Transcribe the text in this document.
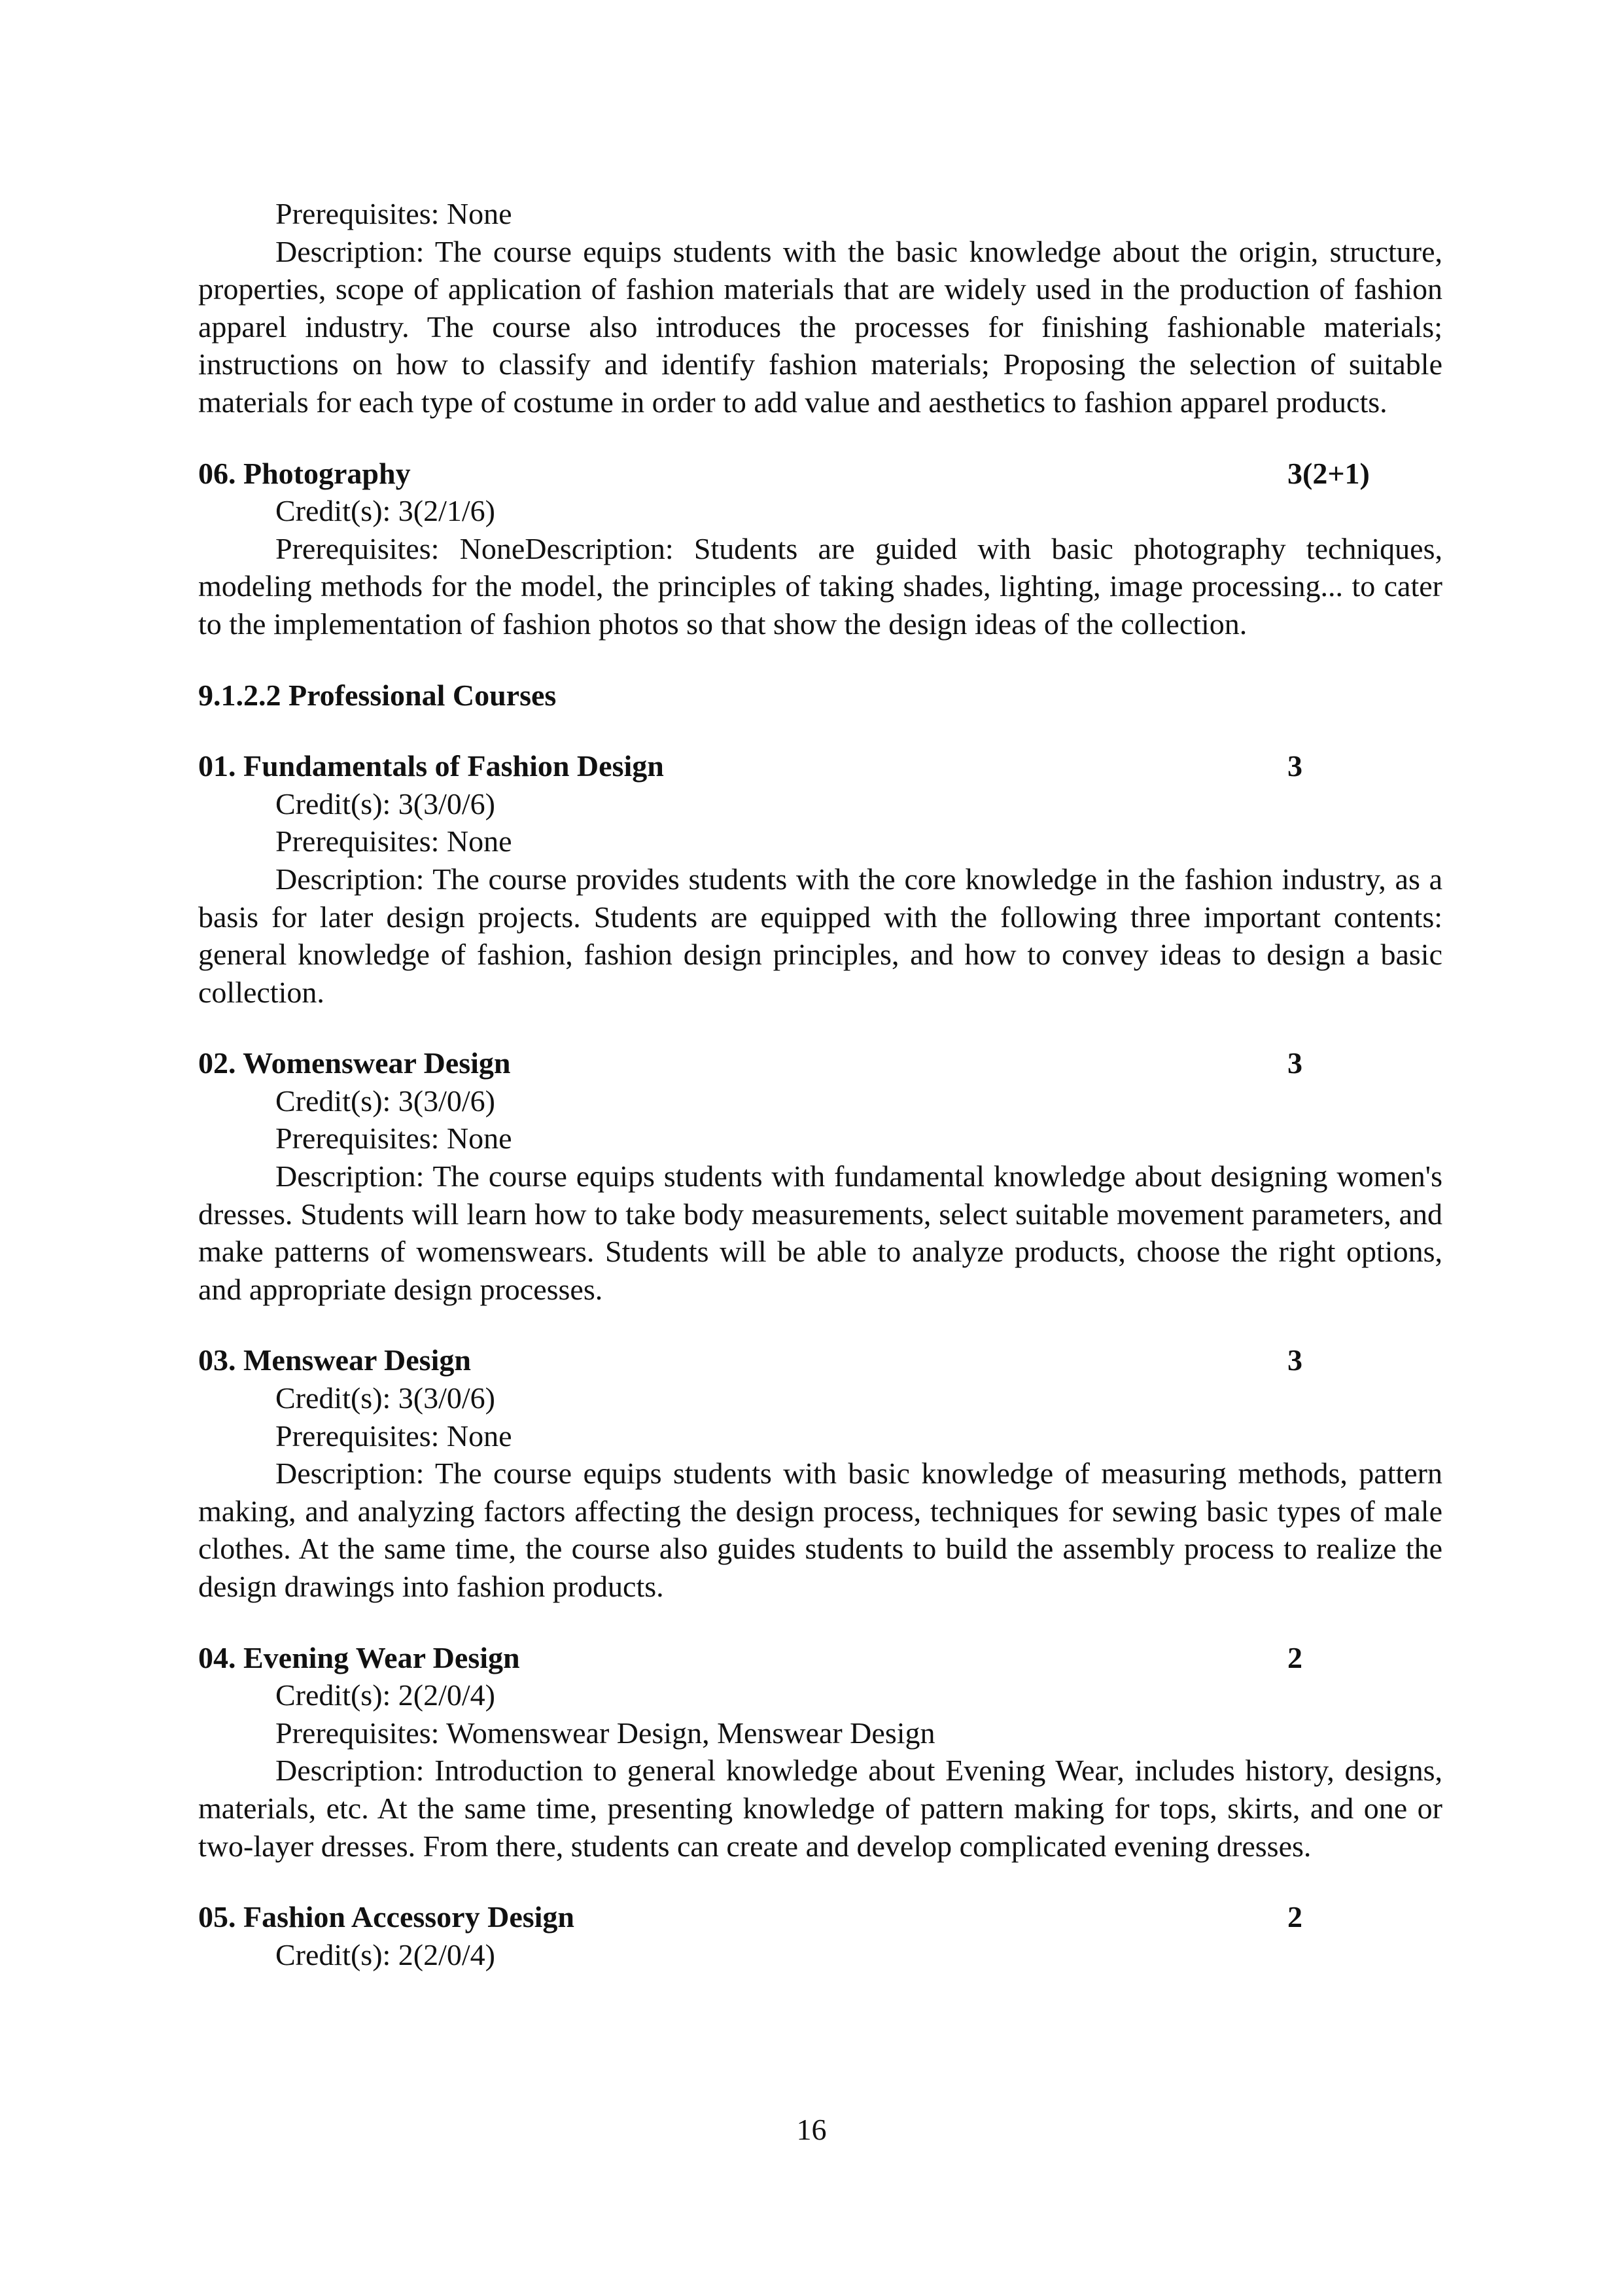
Prerequisites: None

Description: The course equips students with the basic knowledge about the origin, structure, properties, scope of application of fashion materials that are widely used in the production of fashion apparel industry. The course also introduces the processes for finishing fashionable materials; instructions on how to classify and identify fashion materials; Proposing the selection of suitable materials for each type of costume in order to add value and aesthetics to fashion apparel products.

06. Photography	3(2+1)

Credit(s): 3(2/1/6)

Prerequisites: NoneDescription: Students are guided with basic photography techniques, modeling methods for the model, the principles of taking shades, lighting, image processing... to cater to the implementation of fashion photos so that show the design ideas of the collection.

9.1.2.2 Professional Courses

01. Fundamentals of Fashion Design	3

Credit(s): 3(3/0/6)

Prerequisites: None

Description: The course provides students with the core knowledge in the fashion industry, as a basis for later design projects. Students are equipped with the following three important contents: general knowledge of fashion, fashion design principles, and how to convey ideas to design a basic collection.

02. Womenswear Design	3

Credit(s): 3(3/0/6)

Prerequisites: None

Description: The course equips students with fundamental knowledge about designing women's dresses. Students will learn how to take body measurements, select suitable movement parameters, and make patterns of womenswears. Students will be able to analyze products, choose the right options, and appropriate design processes.

03. Menswear Design	3

Credit(s): 3(3/0/6)

Prerequisites: None

Description: The course equips students with basic knowledge of measuring methods, pattern making, and analyzing factors affecting the design process, techniques for sewing basic types of male clothes. At the same time, the course also guides students to build the assembly process to realize the design drawings into fashion products.

04. Evening Wear Design	2

Credit(s): 2(2/0/4)

Prerequisites: Womenswear Design, Menswear Design

Description: Introduction to general knowledge about Evening Wear, includes history, designs, materials, etc. At the same time, presenting knowledge of pattern making for tops, skirts, and one or two-layer dresses. From there, students can create and develop complicated evening dresses.

05. Fashion Accessory Design	2

Credit(s): 2(2/0/4)

16
